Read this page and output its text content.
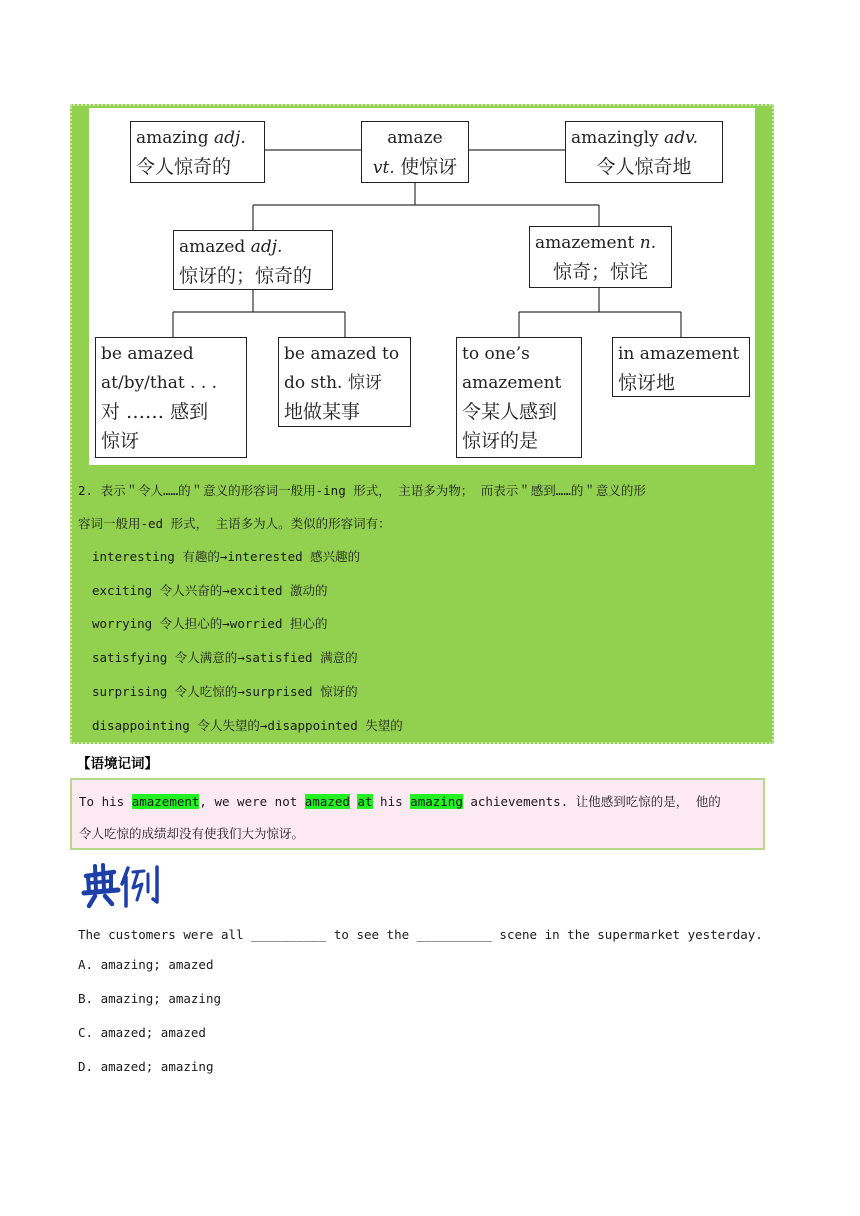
amazing adj.
令人惊奇的
amaze
vt. 使惊讶
amazingly adv.
令人惊奇地
amazed adj.
惊讶的；惊奇的
amazement n.
惊奇；惊诧
be amazed
at/by/that . . .
对 …… 感到
惊讶
be amazed to
do sth. 惊讶
地做某事
to one’s
amazement
令某人感到
惊讶的是
in amazement
惊讶地
2. 表示＂令人……的＂意义的形容词一般用-ing 形式， 主语多为物； 而表示＂感到……的＂意义的形
容词一般用-ed 形式， 主语多为人。类似的形容词有：
interesting 有趣的→interested 感兴趣的
exciting 令人兴奋的→excited 激动的
worrying 令人担心的→worried 担心的
satisfying 令人满意的→satisfied 满意的
surprising 令人吃惊的→surprised 惊讶的
disappointing 令人失望的→disappointed 失望的
【语境记词】
To his amazement, we were not amazed at his amazing achievements. 让他感到吃惊的是， 他的
令人吃惊的成绩却没有使我们大为惊讶。
The customers were all __________ to see the __________ scene in the supermarket yesterday.
A. amazing; amazed
B. amazing; amazing
C. amazed; amazed
D. amazed; amazing
